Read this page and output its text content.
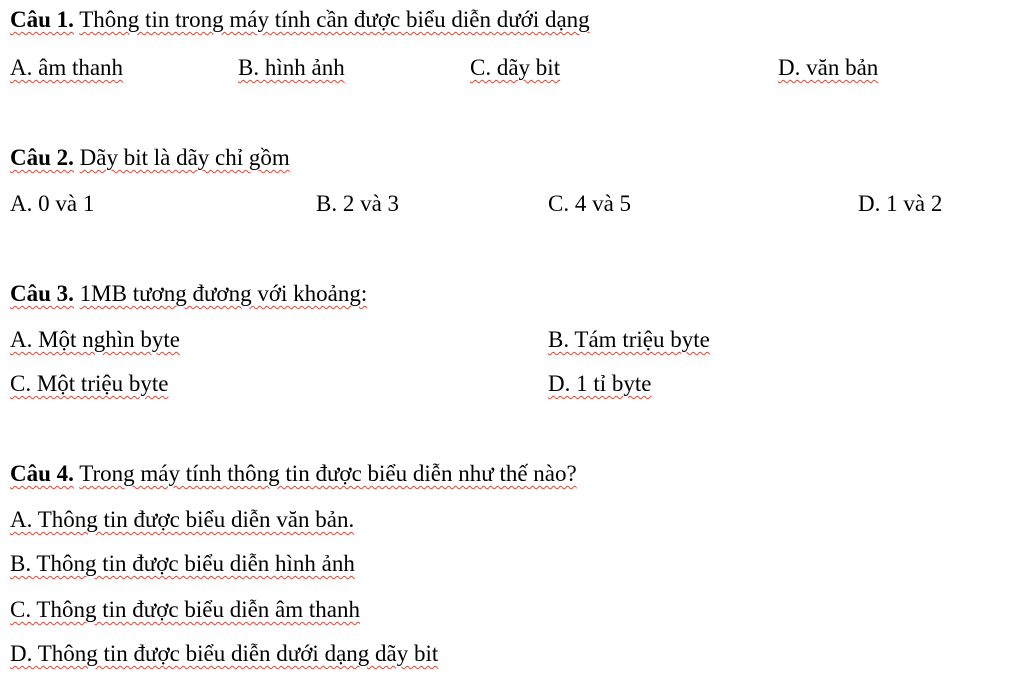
Câu 1. Thông tin trong máy tính cần được biểu diễn dưới dạng
A. âm thanh	B. hình ảnh	C. dãy bit	D. văn bản
Câu 2. Dãy bit là dãy chỉ gồm
A. 0 và 1	B. 2 và 3	C. 4 và 5	D. 1 và 2
Câu 3. 1MB tương đương với khoảng:
A. Một nghìn byte	B. Tám triệu byte
C. Một triệu byte	D. 1 tỉ byte
Câu 4. Trong máy tính thông tin được biểu diễn như thế nào?
A. Thông tin được biểu diễn văn bản.
B. Thông tin được biểu diễn hình ảnh
C. Thông tin được biểu diễn âm thanh
D. Thông tin được biểu diễn dưới dạng dãy bit
